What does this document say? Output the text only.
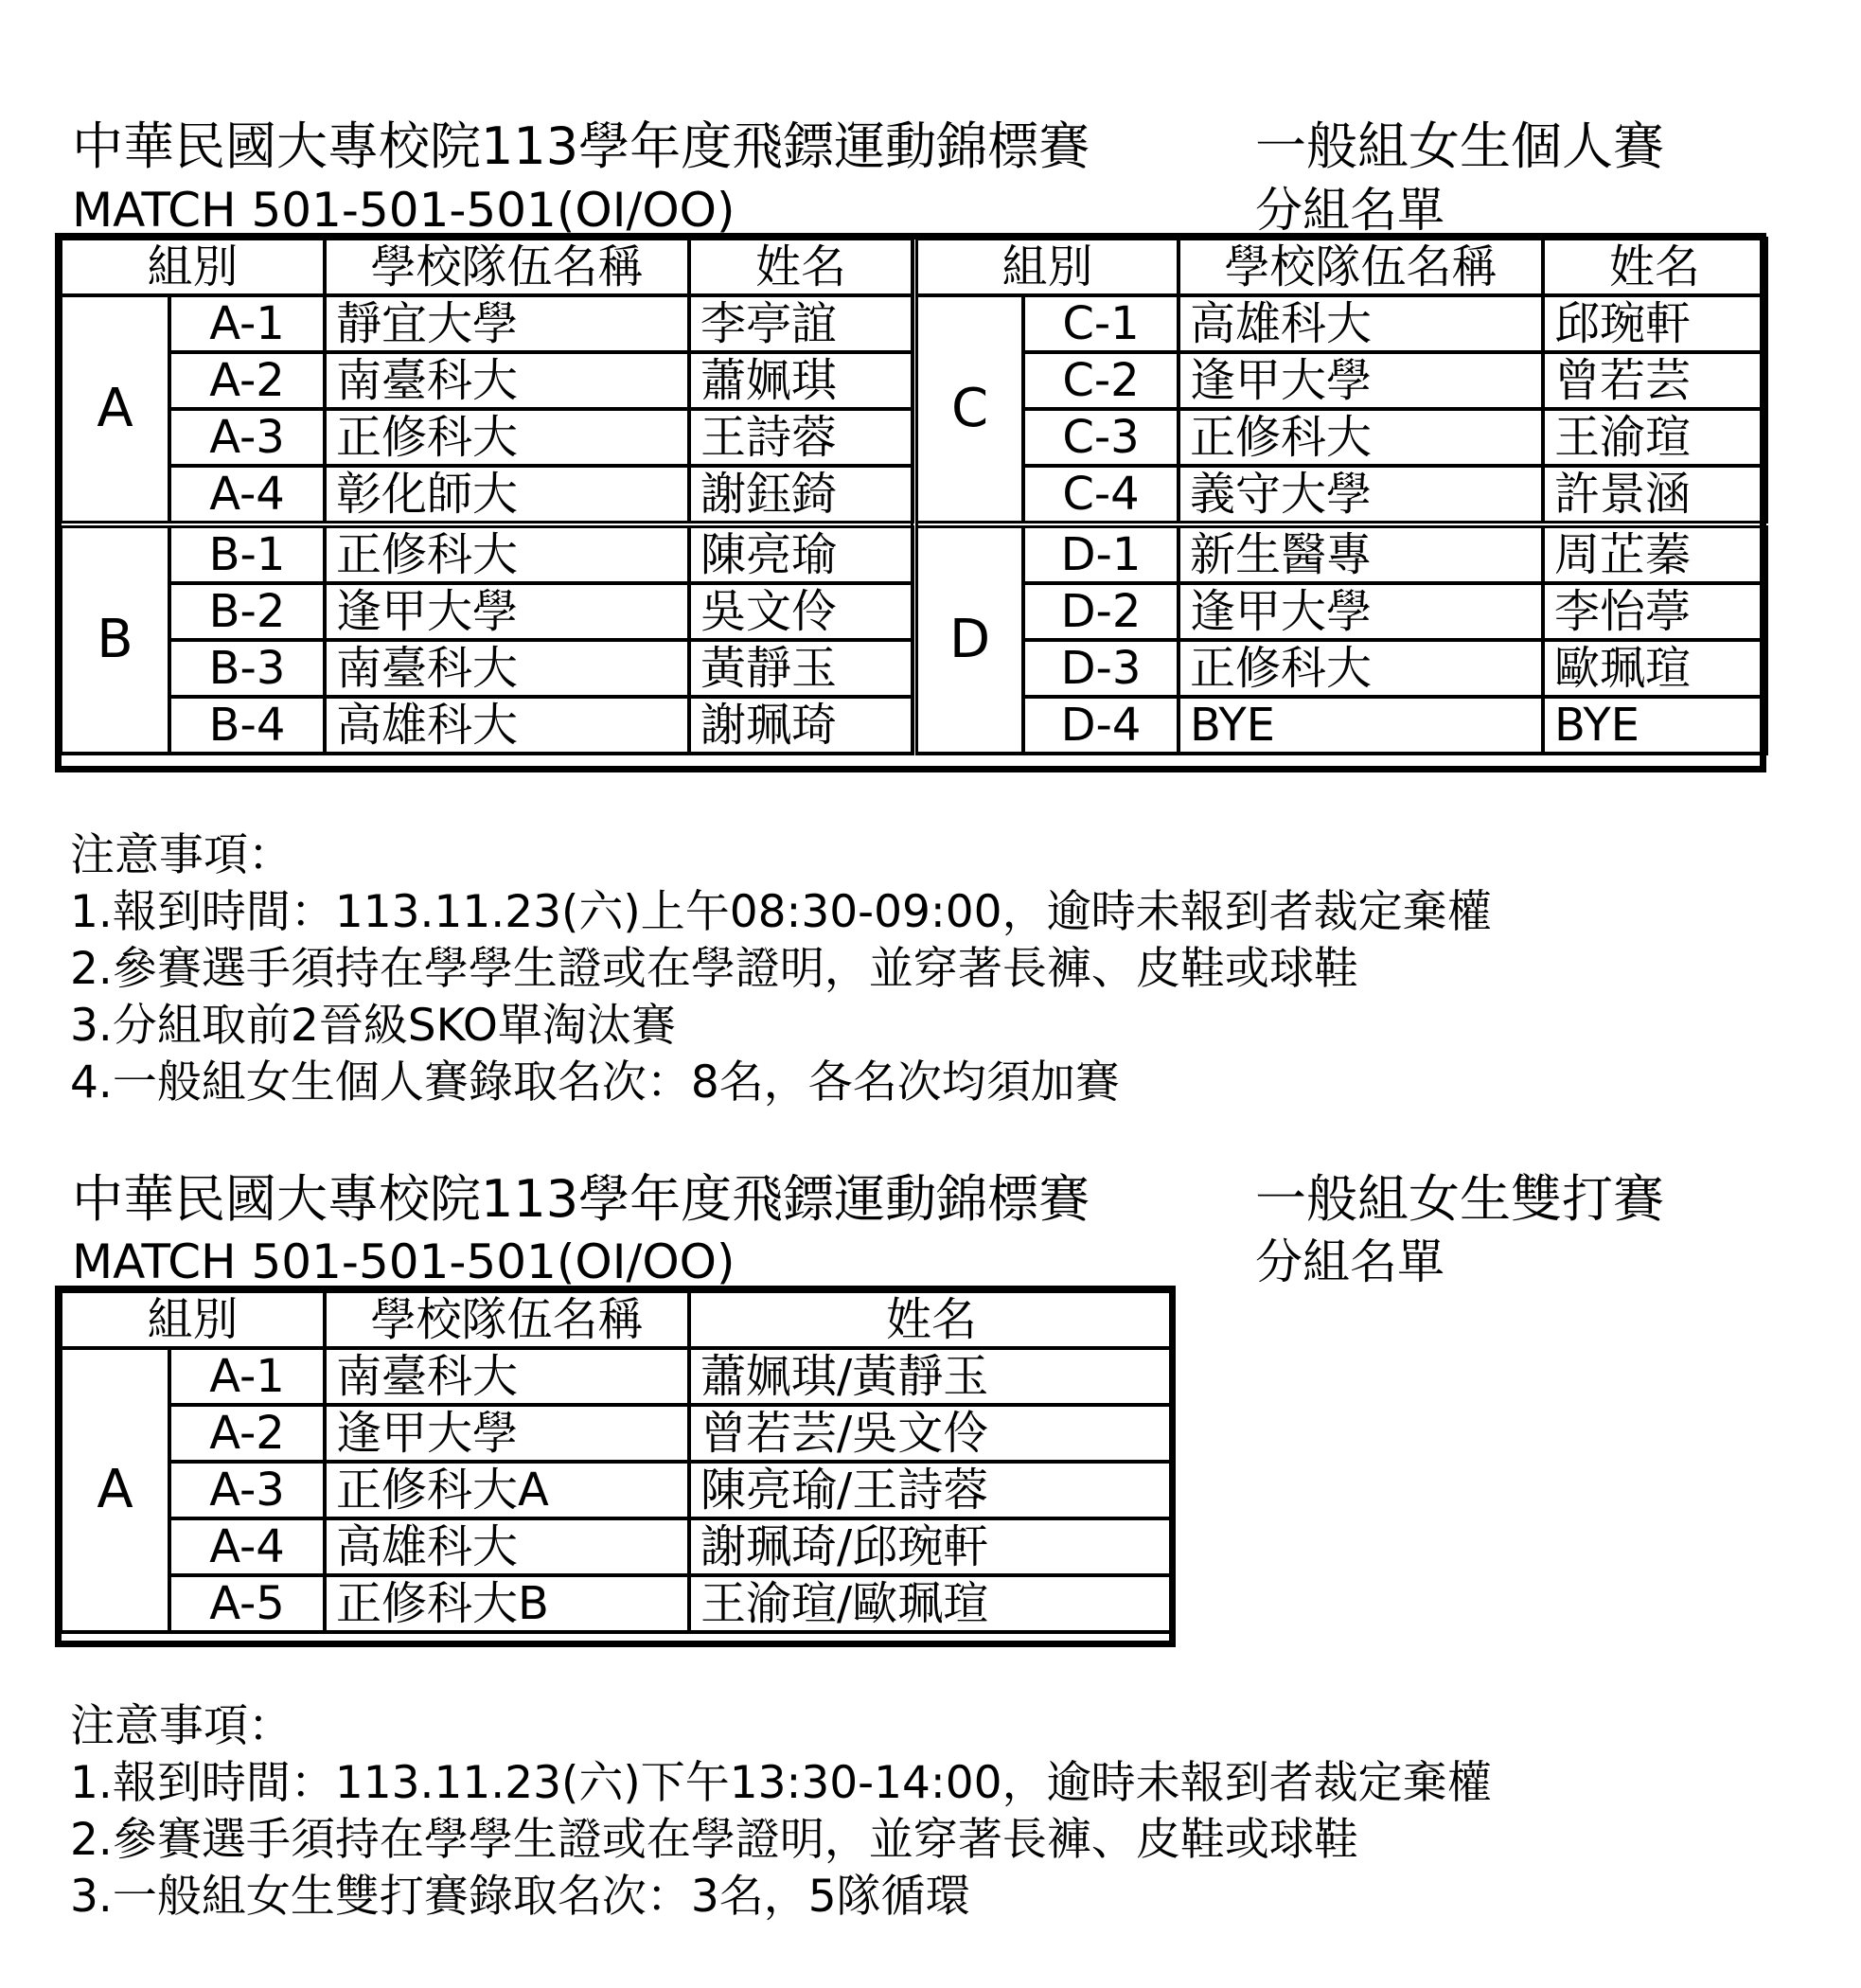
中華民國大專校院113學年度飛鏢運動錦標賽	一般組女生個人賽
MATCH 501-501-501(OI/OO)	分組名單
組別		學校隊伍名稱	姓名
A	A-1	靜宜大學	李亭誼
	A-2	南臺科大	蕭姵琪
	A-3	正修科大	王詩蓉
	A-4	彰化師大	謝鈺錡
B	B-1	正修科大	陳亮瑜
	B-2	逢甲大學	吳文伶
	B-3	南臺科大	黃靜玉
	B-4	高雄科大	謝珮琦
組別		學校隊伍名稱	姓名
C	C-1	高雄科大	邱琬軒
	C-2	逢甲大學	曾若芸
	C-3	正修科大	王渝瑄
	C-4	義守大學	許景涵
D	D-1	新生醫專	周芷蓁
	D-2	逢甲大學	李怡葶
	D-3	正修科大	歐珮瑄
	D-4	BYE	BYE
注意事項：
1.報到時間：113.11.23(六)上午08:30-09:00，逾時未報到者裁定棄權
2.參賽選手須持在學學生證或在學證明，並穿著長褲、皮鞋或球鞋
3.分組取前2晉級SKO單淘汰賽
4.一般組女生個人賽錄取名次：8名，各名次均須加賽
中華民國大專校院113學年度飛鏢運動錦標賽	一般組女生雙打賽
MATCH 501-501-501(OI/OO)	分組名單
組別		學校隊伍名稱	姓名
A	A-1	南臺科大	蕭姵琪/黃靜玉
	A-2	逢甲大學	曾若芸/吳文伶
	A-3	正修科大A	陳亮瑜/王詩蓉
	A-4	高雄科大	謝珮琦/邱琬軒
	A-5	正修科大B	王渝瑄/歐珮瑄
注意事項：
1.報到時間：113.11.23(六)下午13:30-14:00，逾時未報到者裁定棄權
2.參賽選手須持在學學生證或在學證明，並穿著長褲、皮鞋或球鞋
3.一般組女生雙打賽錄取名次：3名，5隊循環
